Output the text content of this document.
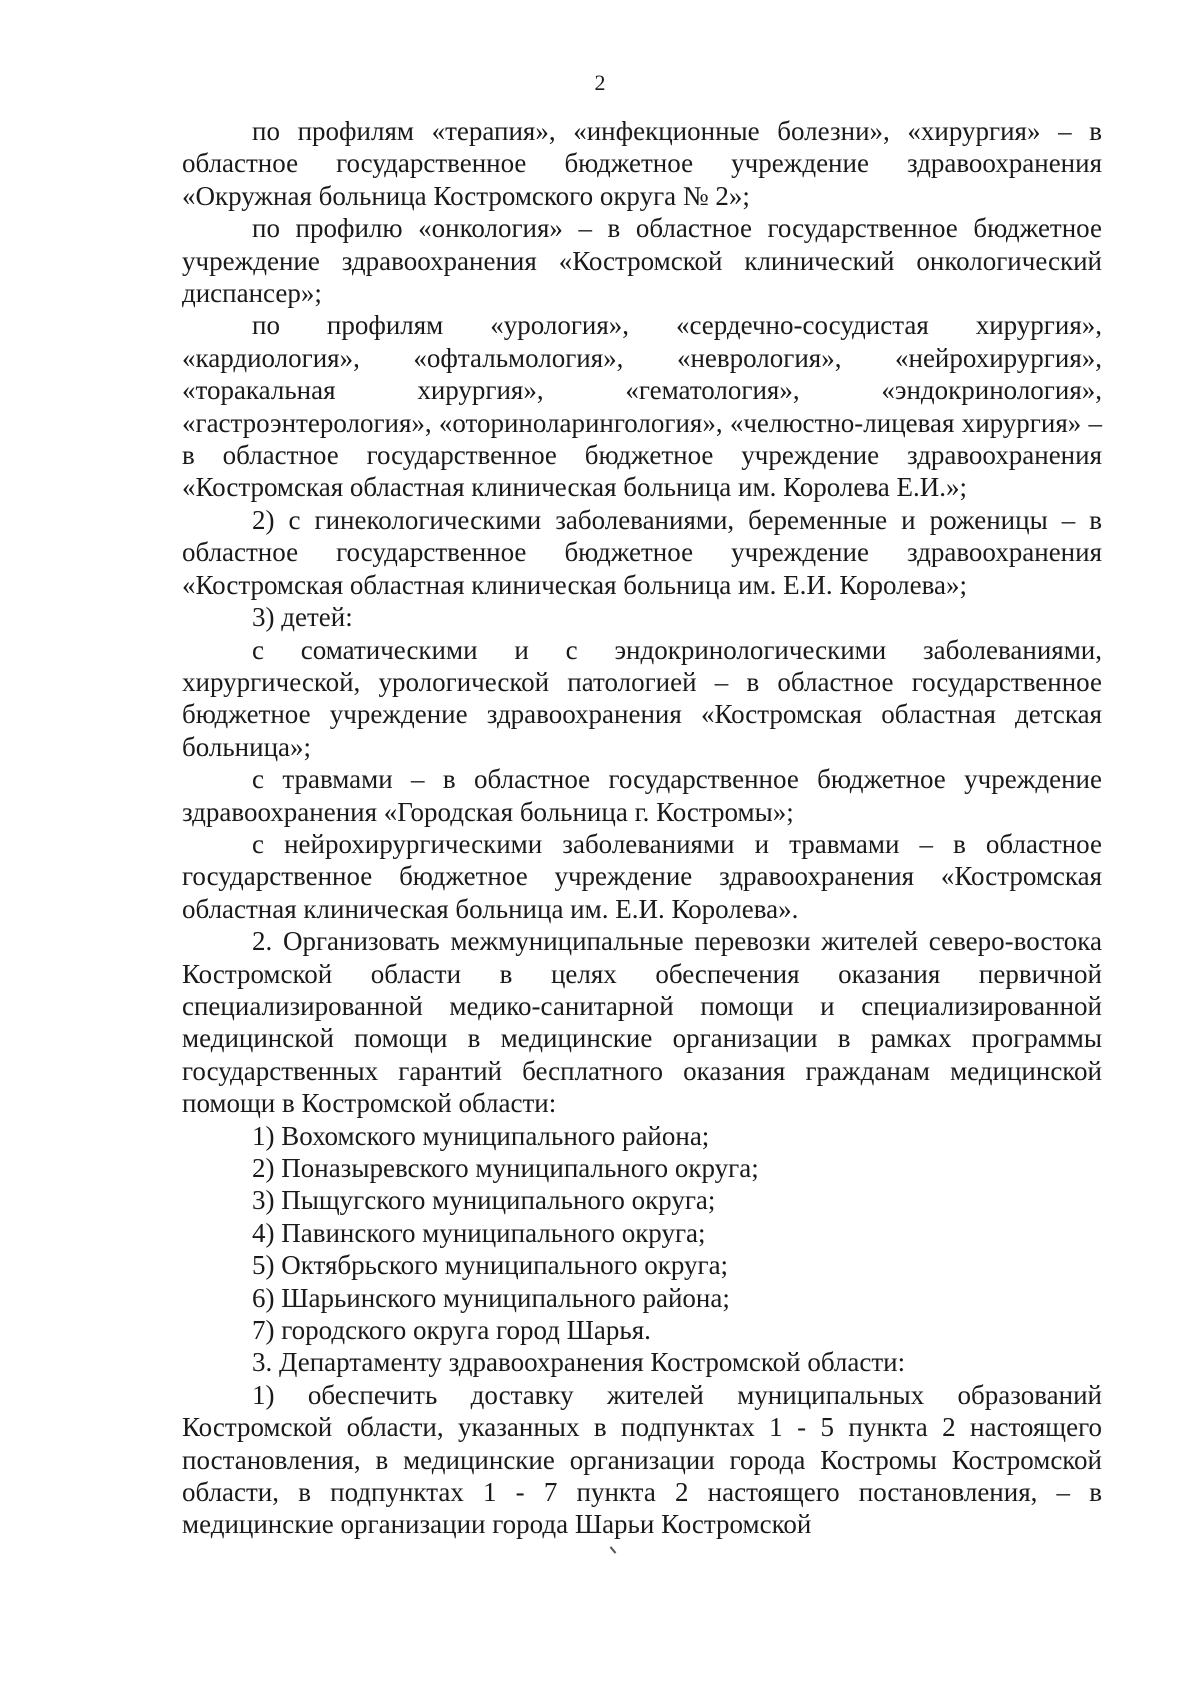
2

по профилям «терапия», «инфекционные болезни», «хирургия» – в областное государственное бюджетное учреждение здравоохранения «Окружная больница Костромского округа № 2»;

по профилю «онкология» – в областное государственное бюджетное учреждение здравоохранения «Костромской клинический онкологический диспансер»;

по профилям «урология», «сердечно-сосудистая хирургия», «кардиология», «офтальмология», «неврология», «нейрохирургия», «торакальная хирургия», «гематология», «эндокринология», «гастроэнтерология», «оториноларингология», «челюстно-лицевая хирургия» – в областное государственное бюджетное учреждение здравоохранения «Костромская областная клиническая больница им. Королева Е.И.»;

2) с гинекологическими заболеваниями, беременные и роженицы – в областное государственное бюджетное учреждение здравоохранения «Костромская областная клиническая больница им. Е.И. Королева»;

3) детей:

с соматическими и с эндокринологическими заболеваниями, хирургической, урологической патологией – в областное государственное бюджетное учреждение здравоохранения «Костромская областная детская больница»;

с травмами – в областное государственное бюджетное учреждение здравоохранения «Городская больница г. Костромы»;

с нейрохирургическими заболеваниями и травмами – в областное государственное бюджетное учреждение здравоохранения «Костромская областная клиническая больница им. Е.И. Королева».

2. Организовать межмуниципальные перевозки жителей северо-востока Костромской области в целях обеспечения оказания первичной специализированной медико-санитарной помощи и специализированной медицинской помощи в медицинские организации в рамках программы государственных гарантий бесплатного оказания гражданам медицинской помощи в Костромской области:

1) Вохомского муниципального района;

2) Поназыревского муниципального округа;

3) Пыщугского муниципального округа;

4) Павинского муниципального округа;

5) Октябрьского муниципального округа;

6) Шарьинского муниципального района;

7) городского округа город Шарья.

3. Департаменту здравоохранения Костромской области:

1) обеспечить доставку жителей муниципальных образований Костромской области, указанных в подпунктах 1 - 5 пункта 2 настоящего постановления, в медицинские организации города Костромы Костромской области, в подпунктах 1 - 7 пункта 2 настоящего постановления, – в медицинские организации города Шарьи Костромской
